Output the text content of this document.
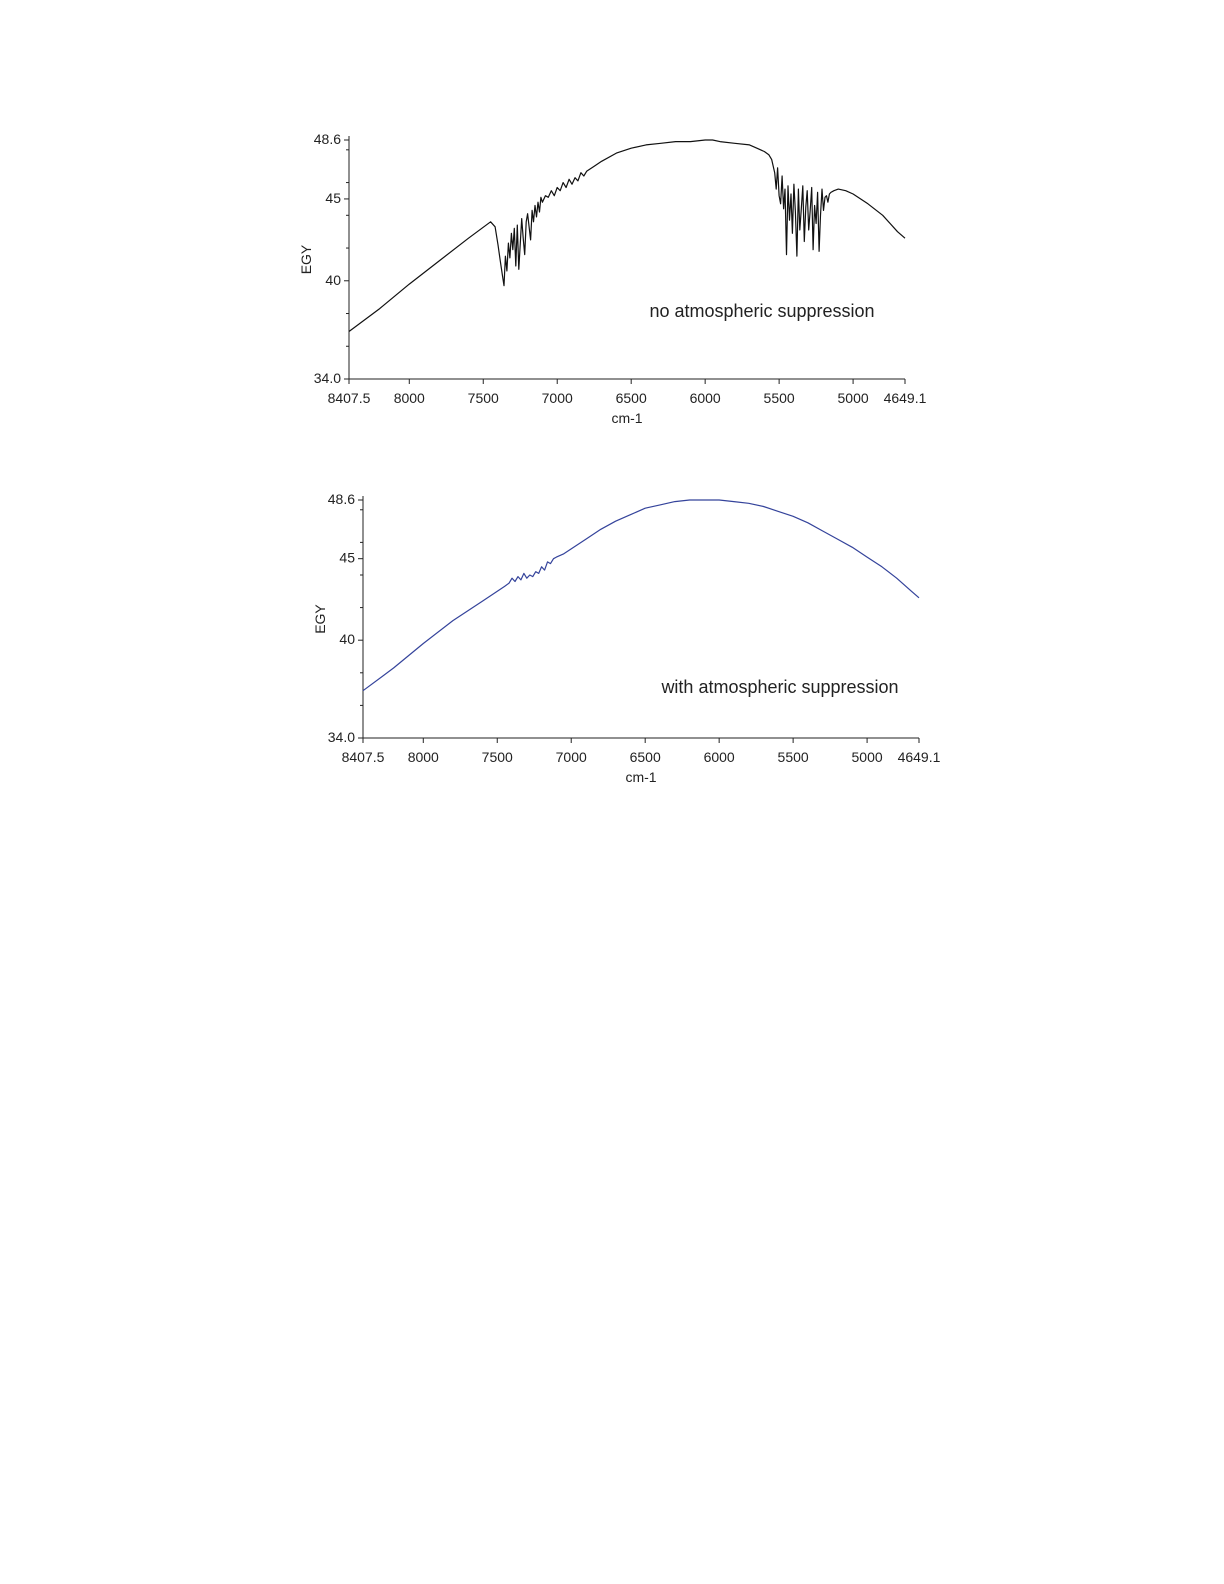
34.0
40
45
48.6
8407.5 8000	7500	7000	6500	6000	5500	5000 4649.1
cm-1
EGY
no atmospheric suppression
34.0
40
45
48.6
8407.5 8000	7500	7000	6500	6000	5500	5000 4649.1
cm-1
EGY
with atmospheric suppression
